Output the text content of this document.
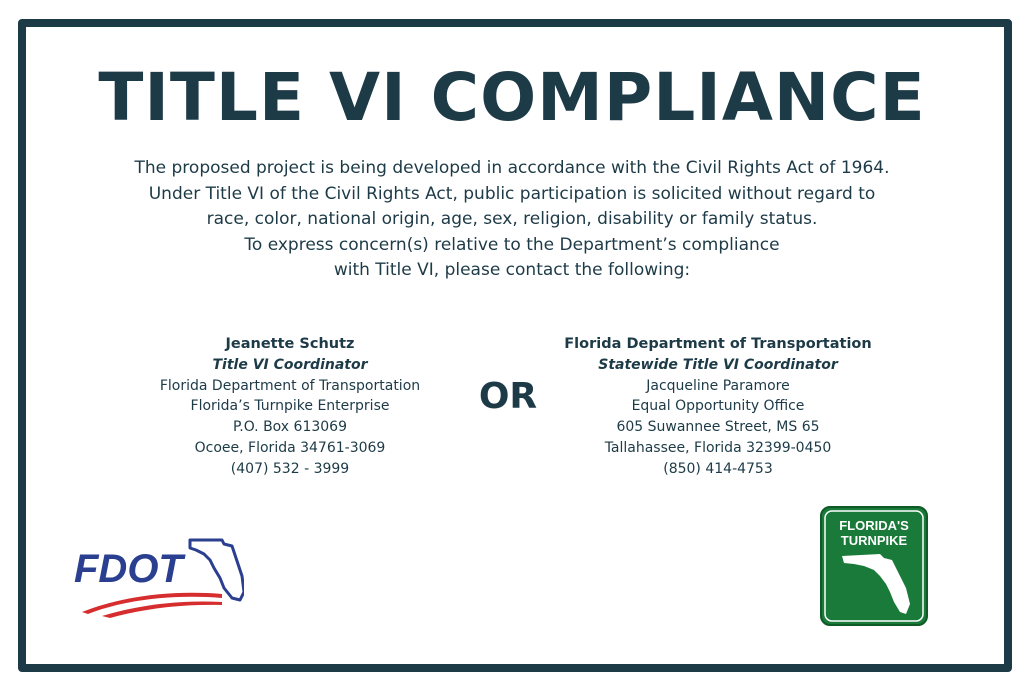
TITLE VI COMPLIANCE
The proposed project is being developed in accordance with the Civil Rights Act of 1964.
Under Title VI of the Civil Rights Act, public participation is solicited without regard to
race, color, national origin, age, sex, religion, disability or family status.
To express concern(s) relative to the Department’s compliance
with Title VI, please contact the following:
Jeanette Schutz
Title VI Coordinator
Florida Department of Transportation
Florida’s Turnpike Enterprise
P.O. Box 613069
Ocoee, Florida 34761-3069
(407) 532 - 3999
OR
Florida Department of Transportation
Statewide Title VI Coordinator
Jacqueline Paramore
Equal Opportunity Office
605 Suwannee Street, MS 65
Tallahassee, Florida 32399-0450
(850) 414-4753
FDOT
FLORIDA'S
TURNPIKE
